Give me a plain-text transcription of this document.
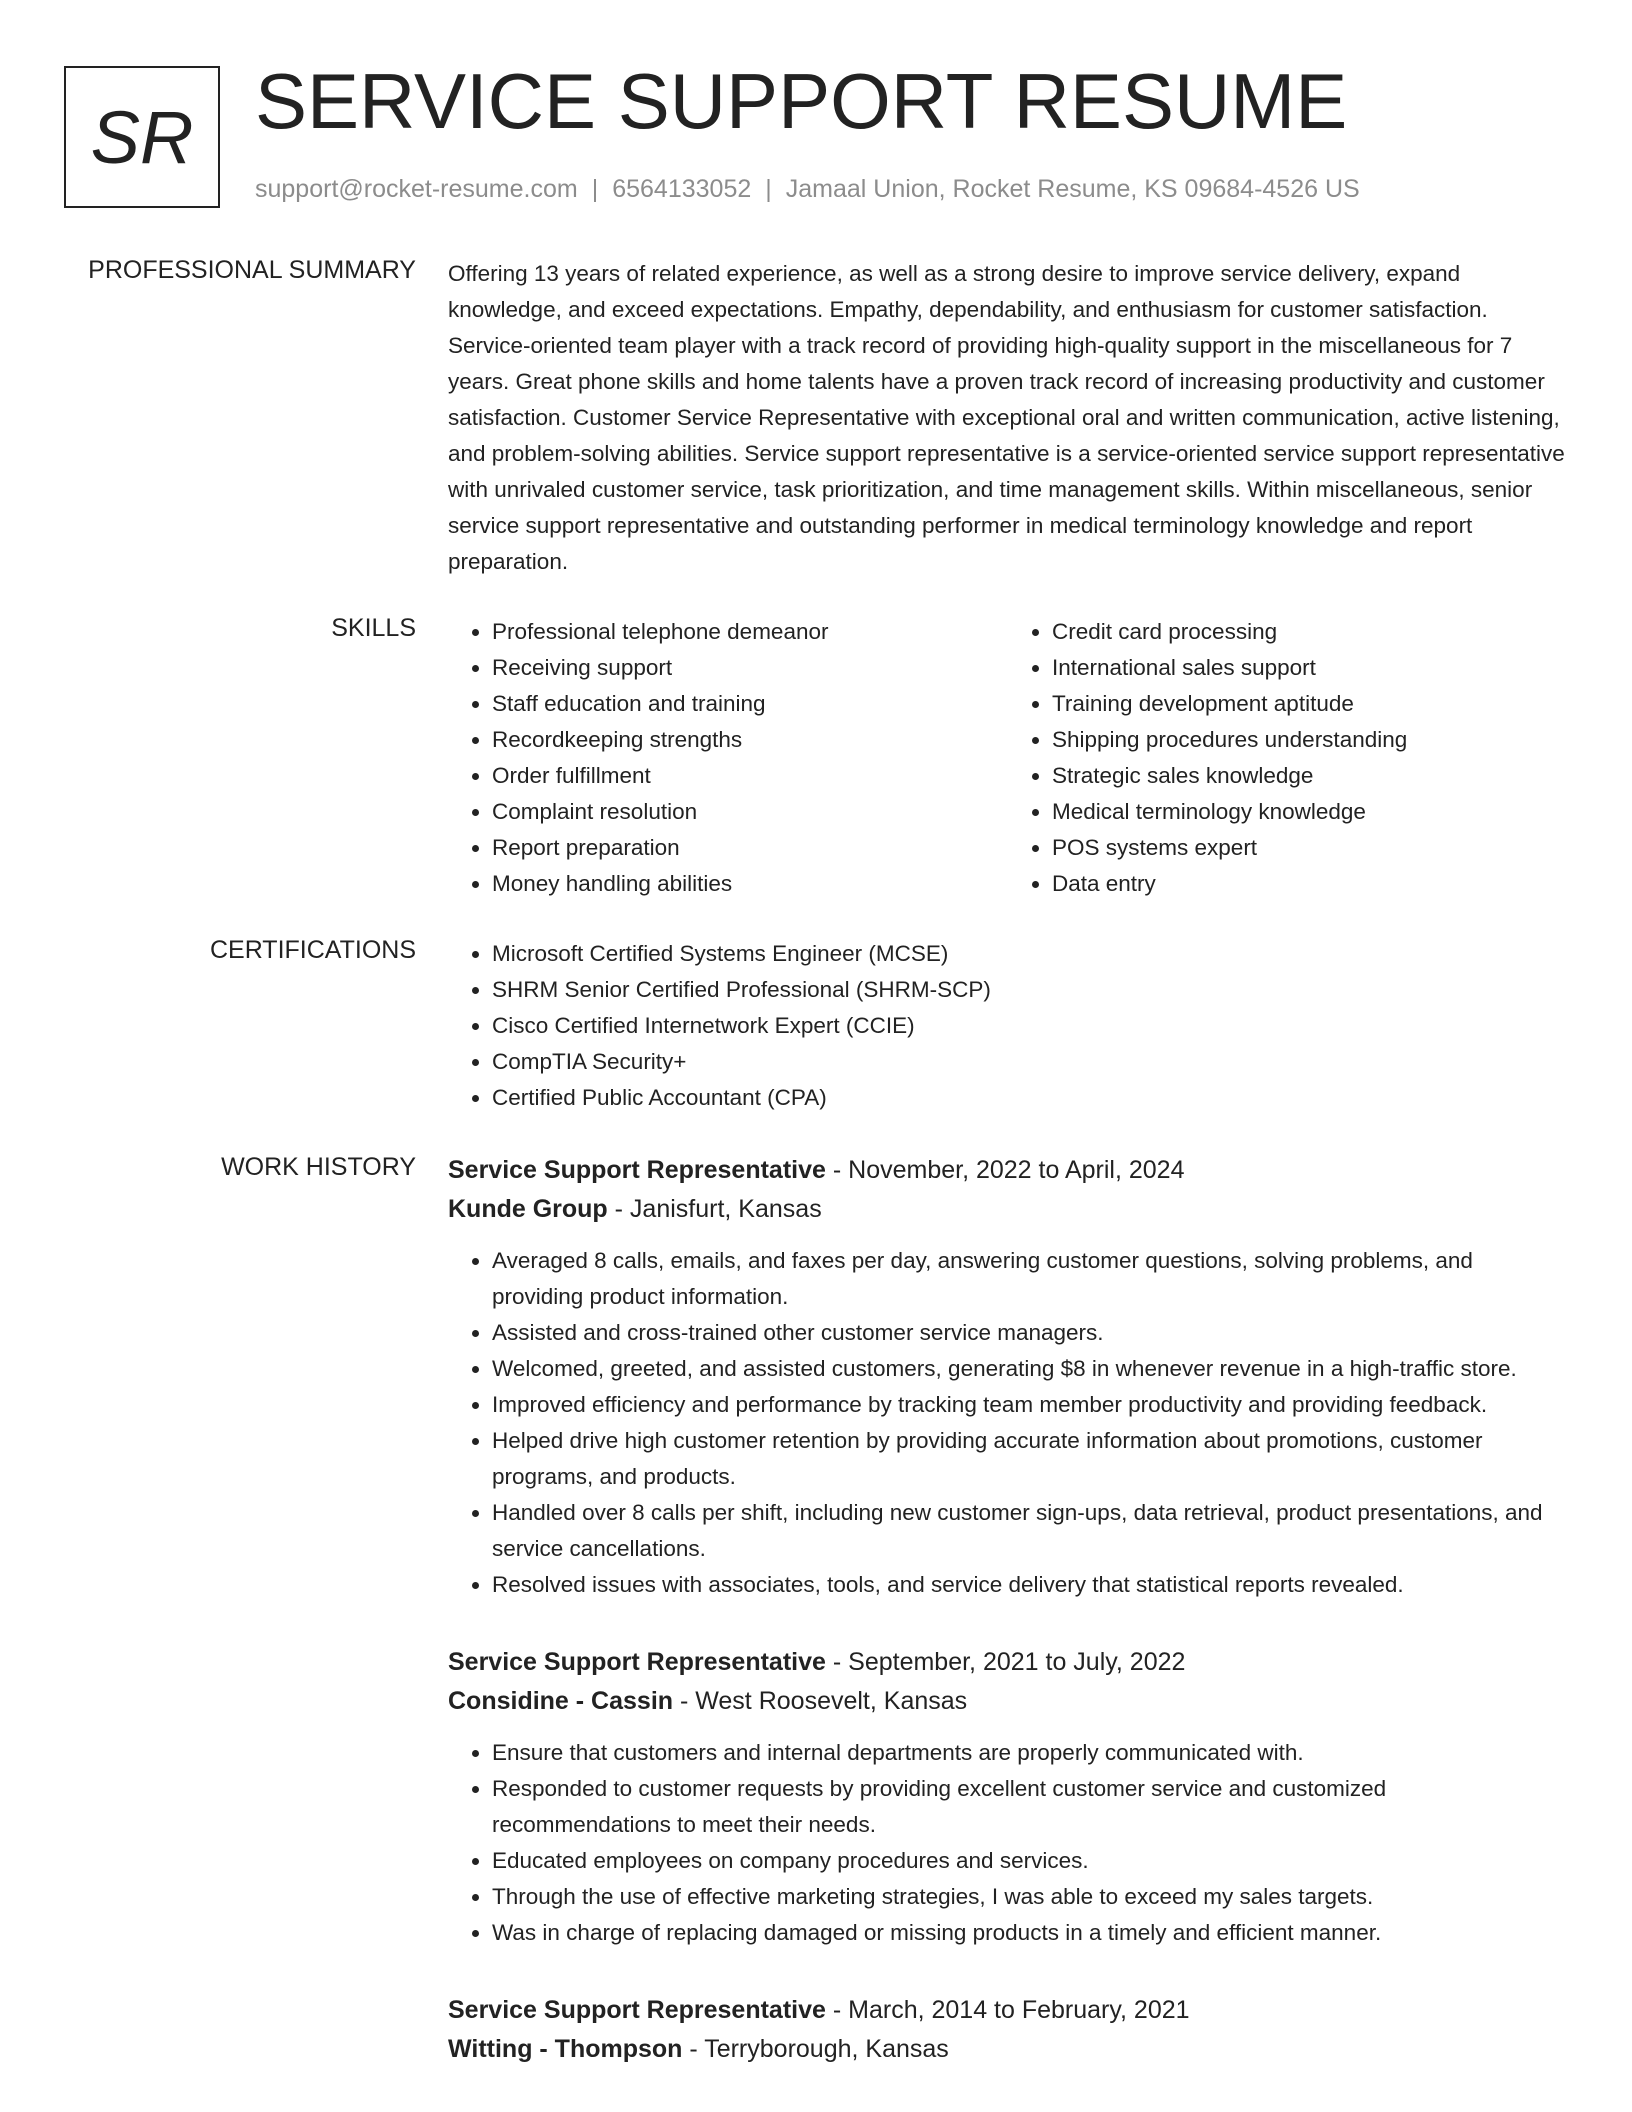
SR SERVICE SUPPORT RESUME
support@rocket-resume.com | 6564133052 | Jamaal Union, Rocket Resume, KS 09684-4526 US
PROFESSIONAL SUMMARY Offering 13 years of related experience, as well as a strong desire to improve service delivery, expand knowledge, and exceed expectations. Empathy, dependability, and enthusiasm for customer satisfaction. Service-oriented team player with a track record of providing high-quality support in the miscellaneous for 7 years. Great phone skills and home talents have a proven track record of increasing productivity and customer satisfaction. Customer Service Representative with exceptional oral and written communication, active listening, and problem-solving abilities. Service support representative is a service-oriented service support representative with unrivaled customer service, task prioritization, and time management skills. Within miscellaneous, senior service support representative and outstanding performer in medical terminology knowledge and report preparation.

SKILLS	• Professional telephone demeanor
• Receiving support
• Staff education and training
• Recordkeeping strengths
• Order fulfillment
• Complaint resolution
• Report preparation
• Money handling abilities
• Credit card processing
• International sales support
• Training development aptitude
• Shipping procedures understanding
• Strategic sales knowledge
• Medical terminology knowledge
• POS systems expert
• Data entry
CERTIFICATIONS	• Microsoft Certified Systems Engineer (MCSE)
• SHRM Senior Certified Professional (SHRM-SCP)
• Cisco Certified Internetwork Expert (CCIE)
• CompTIA Security+
• Certified Public Accountant (CPA)
WORK HISTORY Service Support Representative - November, 2022 to April, 2024
Kunde Group - Janisfurt, Kansas
• Averaged 8 calls, emails, and faxes per day, answering customer questions, solving problems, and providing product information.
• Assisted and cross-trained other customer service managers.
• Welcomed, greeted, and assisted customers, generating $8 in whenever revenue in a high-traffic store.
• Improved efficiency and performance by tracking team member productivity and providing feedback.
• Helped drive high customer retention by providing accurate information about promotions, customer programs, and products.
• Handled over 8 calls per shift, including new customer sign-ups, data retrieval, product presentations, and service cancellations.
• Resolved issues with associates, tools, and service delivery that statistical reports revealed.
Service Support Representative - September, 2021 to July, 2022
Considine - Cassin - West Roosevelt, Kansas
• Ensure that customers and internal departments are properly communicated with.
• Responded to customer requests by providing excellent customer service and customized recommendations to meet their needs.
• Educated employees on company procedures and services.
• Through the use of effective marketing strategies, I was able to exceed my sales targets.
• Was in charge of replacing damaged or missing products in a timely and efficient manner.
Service Support Representative - March, 2014 to February, 2021
Witting - Thompson - Terryborough, Kansas
